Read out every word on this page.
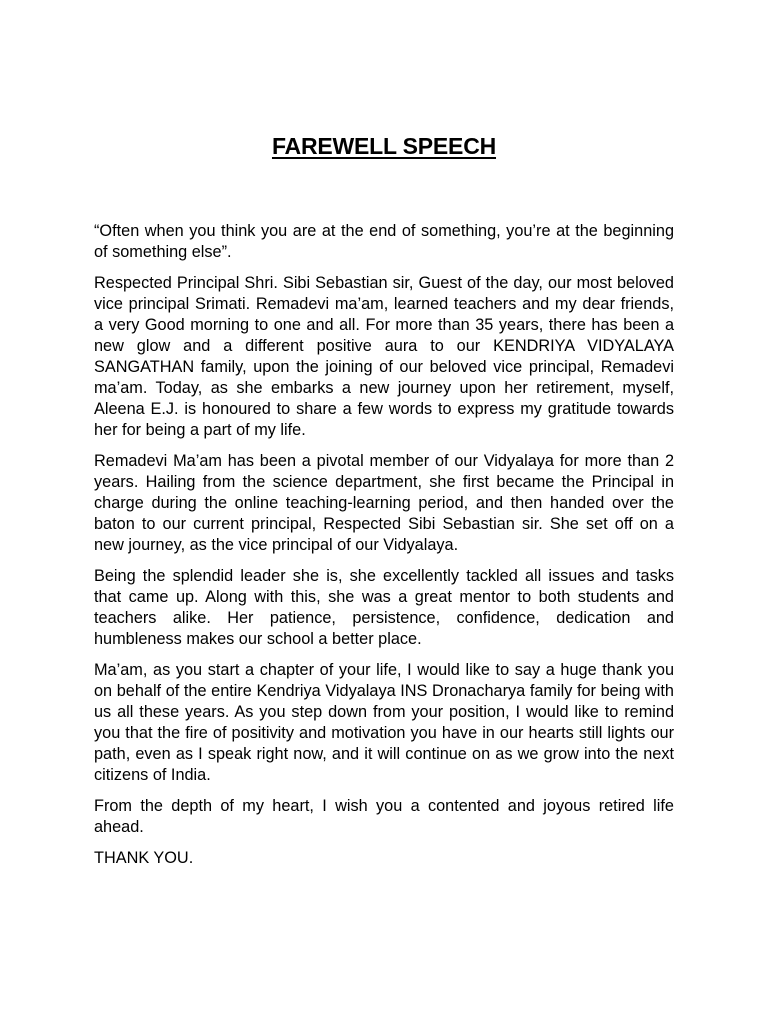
FAREWELL SPEECH

“Often when you think you are at the end of something, you’re at the beginning of something else”.

Respected Principal Shri. Sibi Sebastian sir, Guest of the day, our most beloved vice principal Srimati. Remadevi ma’am, learned teachers and my dear friends, a very Good morning to one and all. For more than 35 years, there has been a new glow and a different positive aura to our KENDRIYA VIDYALAYA SANGATHAN family, upon the joining of our beloved vice principal, Remadevi ma’am. Today, as she embarks a new journey upon her retirement, myself, Aleena E.J. is honoured to share a few words to express my gratitude towards her for being a part of my life.

Remadevi Ma’am has been a pivotal member of our Vidyalaya for more than 2 years. Hailing from the science department, she first became the Principal in charge during the online teaching-learning period, and then handed over the baton to our current principal, Respected Sibi Sebastian sir. She set off on a new journey, as the vice principal of our Vidyalaya.

Being the splendid leader she is, she excellently tackled all issues and tasks that came up. Along with this, she was a great mentor to both students and teachers alike. Her patience, persistence, confidence, dedication and humbleness makes our school a better place.

Ma’am, as you start a chapter of your life, I would like to say a huge thank you on behalf of the entire Kendriya Vidyalaya INS Dronacharya family for being with us all these years. As you step down from your position, I would like to remind you that the fire of positivity and motivation you have in our hearts still lights our path, even as I speak right now, and it will continue on as we grow into the next citizens of India.

From the depth of my heart, I wish you a contented and joyous retired life ahead.

THANK YOU.
